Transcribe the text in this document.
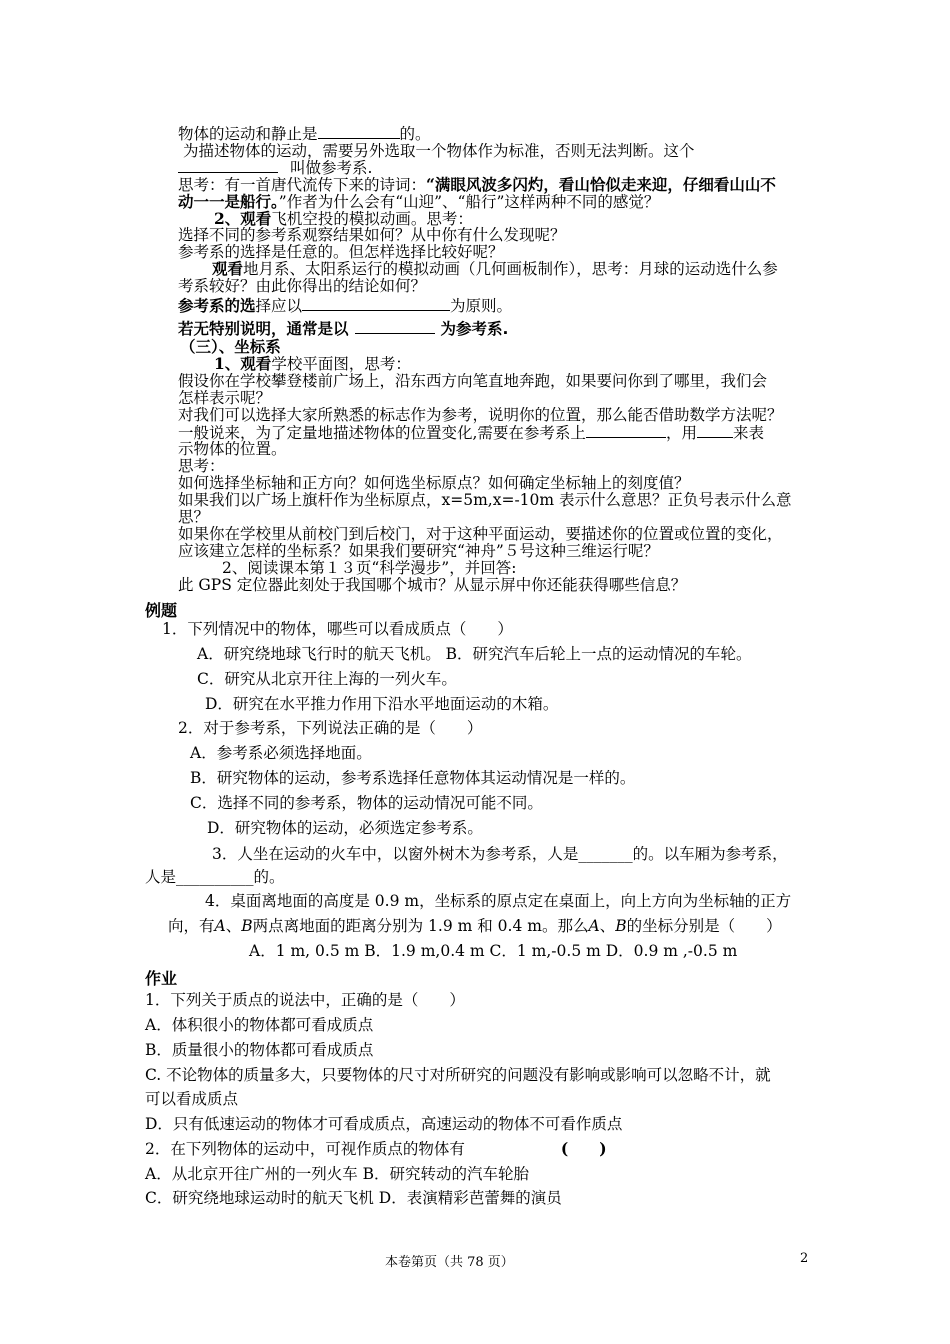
物体的运动和静止是	的。
为描述物体的运动，需要另外选取一个物体作为标准，否则无法判断。这个
叫做参考系.
思考：有一首唐代流传下来的诗词：“满眼风波多闪灼，看山恰似走来迎，仔细看山山不
动一一是船行。”作者为什么会有“山迎”、“船行”这样两种不同的感觉？
2、观看飞机空投的模拟动画。思考：
选择不同的参考系观察结果如何？从中你有什么发现呢？
参考系的选择是任意的。但怎样选择比较好呢？
观看地月系、太阳系运行的模拟动画（几何画板制作），思考：月球的运动选什么参
考系较好？由此你得出的结论如何？
参考系的选择应以	为原则。
若无特别说明，通常是以	为参考系.
（三）、坐标系
1、观看学校平面图，思考：
假设你在学校攀登楼前广场上，沿东西方向笔直地奔跑，如果要问你到了哪里，我们会
怎样表示呢？
对我们可以选择大家所熟悉的标志作为参考，说明你的位置，那么能否借助数学方法呢？
一般说来，为了定量地描述物体的位置变化,需要在参考系上	，用 来表
示物体的位置。
思考：
如何选择坐标轴和正方向？如何选坐标原点？如何确定坐标轴上的刻度值？
如果我们以广场上旗杆作为坐标原点，x=5m,x=-10m 表示什么意思？正负号表示什么意
思？
如果你在学校里从前校门到后校门，对于这种平面运动，要描述你的位置或位置的变化，
应该建立怎样的坐标系？如果我们要研究“神舟”５号这种三维运行呢？
2、阅读课本第１３页“科学漫步”，并回答:
此 GPS 定位器此刻处于我国哪个城市？从显示屏中你还能获得哪些信息？
例题
1．下列情况中的物体，哪些可以看成质点（　　）
A．研究绕地球飞行时的航天飞机。 B．研究汽车后轮上一点的运动情况的车轮。
C．研究从北京开往上海的一列火车。
D．研究在水平推力作用下沿水平地面运动的木箱。
2．对于参考系，下列说法正确的是（　　）
A．参考系必须选择地面。
B．研究物体的运动，参考系选择任意物体其运动情况是一样的。
C．选择不同的参考系，物体的运动情况可能不同。
D．研究物体的运动，必须选定参考系。
3．人坐在运动的火车中，以窗外树木为参考系，人是_______的。以车厢为参考系，
人是__________的。
4．桌面离地面的高度是 0.9 m，坐标系的原点定在桌面上，向上方向为坐标轴的正方
向，有A、B两点离地面的距离分别为 1.9 m 和 0.4 m。那么A、B的坐标分别是（　　）
A．1 m, 0.5 m B．1.9 m,0.4 m C．1 m,-0.5 m D．0.9 m ,-0.5 m
作业
1．下列关于质点的说法中，正确的是（　　）
A．体积很小的物体都可看成质点
B．质量很小的物体都可看成质点
C. 不论物体的质量多大，只要物体的尺寸对所研究的问题没有影响或影响可以忽略不计，就
可以看成质点
D．只有低速运动的物体才可看成质点，高速运动的物体不可看作质点
2．在下列物体的运动中，可视作质点的物体有	(　　)
A．从北京开往广州的一列火车 B．研究转动的汽车轮胎
C．研究绕地球运动时的航天飞机 D．表演精彩芭蕾舞的演员
本卷第页（共 78 页）	2
